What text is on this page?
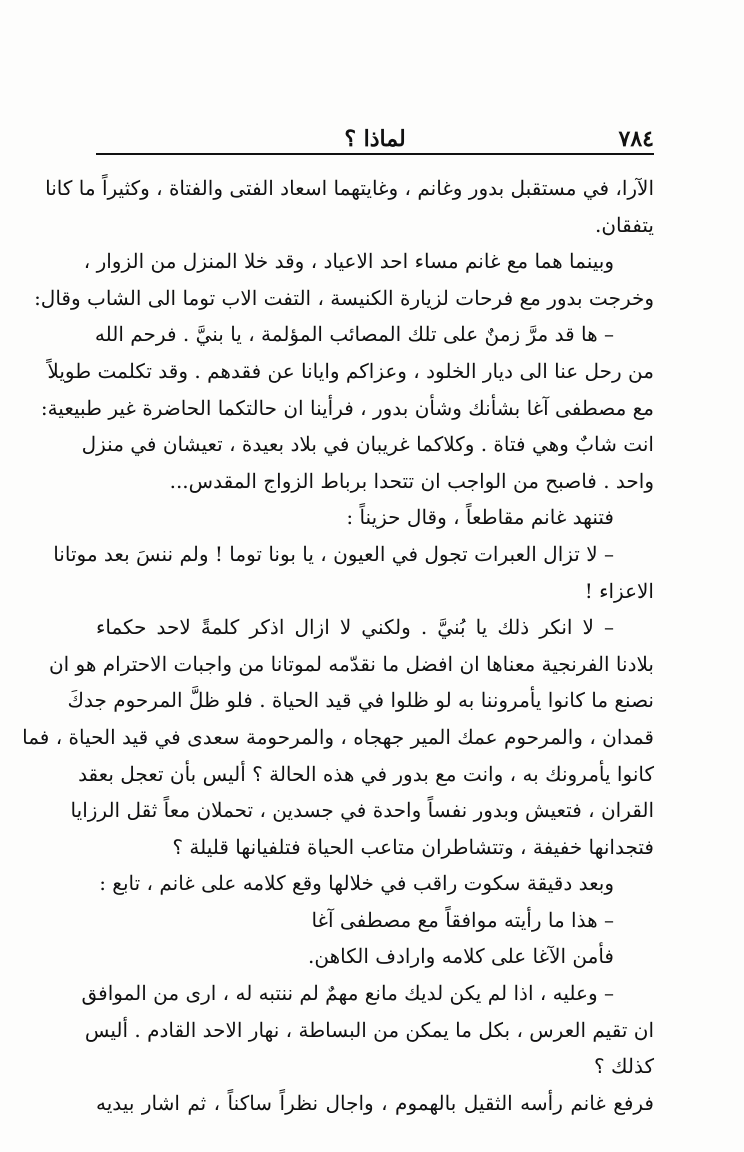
٧٨٤
لماذا ؟
الآرا، في مستقبل بدور وغانم ، وغايتهما اسعاد الفتى والفتاة ، وكثيراً ما كانا
يتفقان.
وبينما هما مع غانم مساء احد الاعياد ، وقد خلا المنزل من الزوار ،
وخرجت بدور مع فرحات لزيارة الكنيسة ، التفت الاب توما الى الشاب وقال:
– ها قد مرَّ زمنٌ على تلك المصائب المؤلمة ، يا بنيَّ . فرحم الله
من رحل عنا الى ديار الخلود ، وعزاكم وايانا عن فقدهم . وقد تكلمت طويلاً
مع مصطفى آغا بشأنك وشأن بدور ، فرأينا ان حالتكما الحاضرة غير طبيعية:
انت شابٌ وهي فتاة . وكلاكما غريبان في بلاد بعيدة ، تعيشان في منزل
واحد . فاصبح من الواجب ان تتحدا برباط الزواج المقدس...
فتنهد غانم مقاطعاً ، وقال حزيناً :
– لا تزال العبرات تجول في العيون ، يا بونا توما ! ولم ننسَ بعد موتانا
الاعزاء !
– لا انكر ذلك يا بُنيَّ . ولكني لا ازال اذكر كلمةً لاحد حكماء
بلادنا الفرنجية معناها ان افضل ما نقدّمه لموتانا من واجبات الاحترام هو ان
نصنع ما كانوا يأمروننا به لو ظلوا في قيد الحياة . فلو ظلَّ المرحوم جدكَ
قمدان ، والمرحوم عمك المير جهجاه ، والمرحومة سعدى في قيد الحياة ، فما
كانوا يأمرونك به ، وانت مع بدور في هذه الحالة ؟ أليس بأن تعجل بعقد
القران ، فتعيش وبدور نفساً واحدة في جسدين ، تحملان معاً ثقل الرزايا
فتجدانها خفيفة ، وتتشاطران متاعب الحياة فتلفيانها قليلة ؟
وبعد دقيقة سكوت راقب في خلالها وقع كلامه على غانم ، تابع :
– هذا ما رأيته موافقاً مع مصطفى آغا
فأمن الآغا على كلامه وارادف الكاهن.
– وعليه ، اذا لم يكن لديك مانع مهمٌ لم ننتبه له ، ارى من الموافق
ان تقيم العرس ، بكل ما يمكن من البساطة ، نهار الاحد القادم . أليس
كذلك ؟
فرفع غانم رأسه الثقيل بالهموم ، واجال نظراً ساكناً ، ثم اشار بيديه
